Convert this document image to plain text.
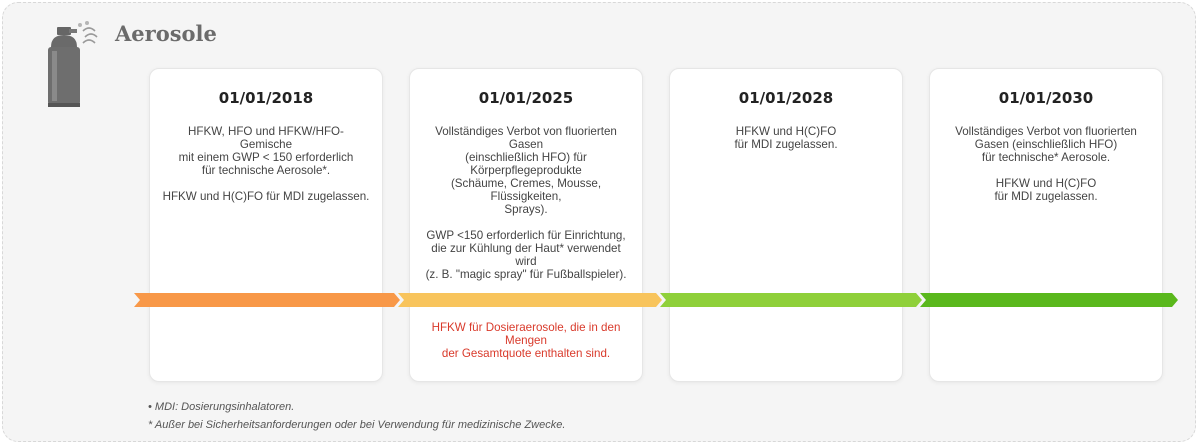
Aerosole
01/01/2018
HFKW, HFO und HFKW/HFO-Gemische
mit einem GWP < 150 erforderlich
für technische Aerosole*.
HFKW und H(C)FO für MDI zugelassen.
01/01/2025
Vollständiges Verbot von fluorierten Gasen
(einschließlich HFO) für Körperpflegeprodukte
(Schäume, Cremes, Mousse, Flüssigkeiten,
Sprays).
GWP <150 erforderlich für Einrichtung,
die zur Kühlung der Haut* verwendet wird
(z. B. "magic spray" für Fußballspieler).
HFKW für Dosieraerosole, die in den Mengen
der Gesamtquote enthalten sind.
01/01/2028
HFKW und H(C)FO
für MDI zugelassen.
01/01/2030
Vollständiges Verbot von fluorierten
Gasen (einschließlich HFO)
für technische* Aerosole.
HFKW und H(C)FO
für MDI zugelassen.
• MDI: Dosierungsinhalatoren.
* Außer bei Sicherheitsanforderungen oder bei Verwendung für medizinische Zwecke.
